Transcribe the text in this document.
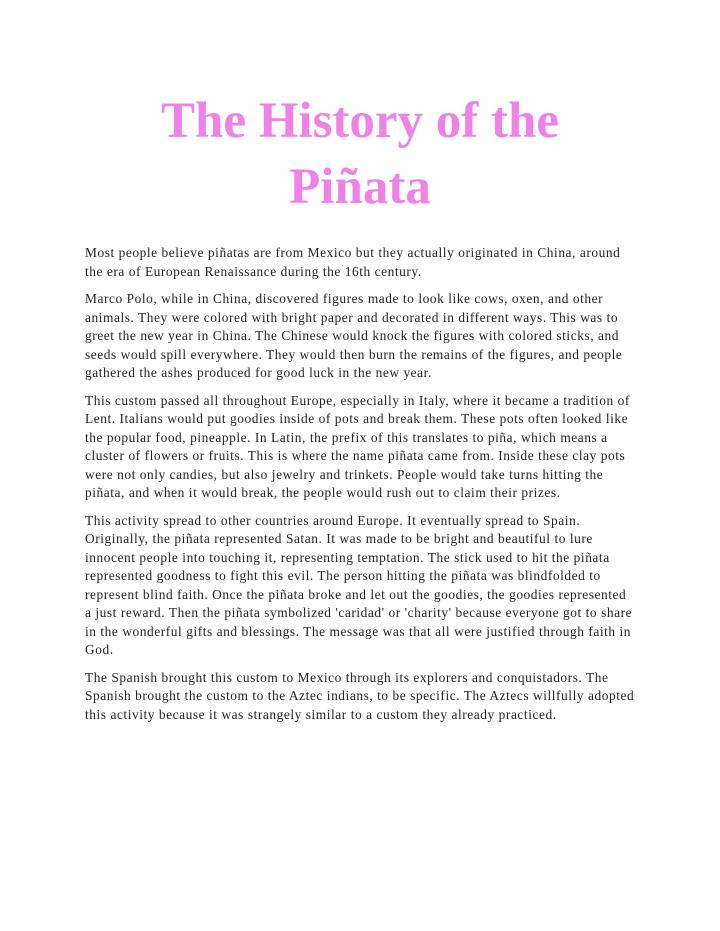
The History of the
Piñata

Most people believe piñatas are from Mexico but they actually originated in China, around the era of European Renaissance during the 16th century.

Marco Polo, while in China, discovered figures made to look like cows, oxen, and other animals. They were colored with bright paper and decorated in different ways. This was to greet the new year in China. The Chinese would knock the figures with colored sticks, and seeds would spill everywhere. They would then burn the remains of the figures, and people gathered the ashes produced for good luck in the new year.

This custom passed all throughout Europe, especially in Italy, where it became a tradition of Lent. Italians would put goodies inside of pots and break them. These pots often looked like the popular food, pineapple. In Latin, the prefix of this translates to piña, which means a cluster of flowers or fruits. This is where the name piñata came from. Inside these clay pots were not only candies, but also jewelry and trinkets. People would take turns hitting the piñata, and when it would break, the people would rush out to claim their prizes.

This activity spread to other countries around Europe. It eventually spread to Spain. Originally, the piñata represented Satan. It was made to be bright and beautiful to lure innocent people into touching it, representing temptation. The stick used to hit the piñata represented goodness to fight this evil. The person hitting the piñata was blindfolded to represent blind faith. Once the piñata broke and let out the goodies, the goodies represented a just reward. Then the piñata symbolized 'caridad' or 'charity' because everyone got to share in the wonderful gifts and blessings. The message was that all were justified through faith in God.

The Spanish brought this custom to Mexico through its explorers and conquistadors. The Spanish brought the custom to the Aztec indians, to be specific. The Aztecs willfully adopted this activity because it was strangely similar to a custom they already practiced.
